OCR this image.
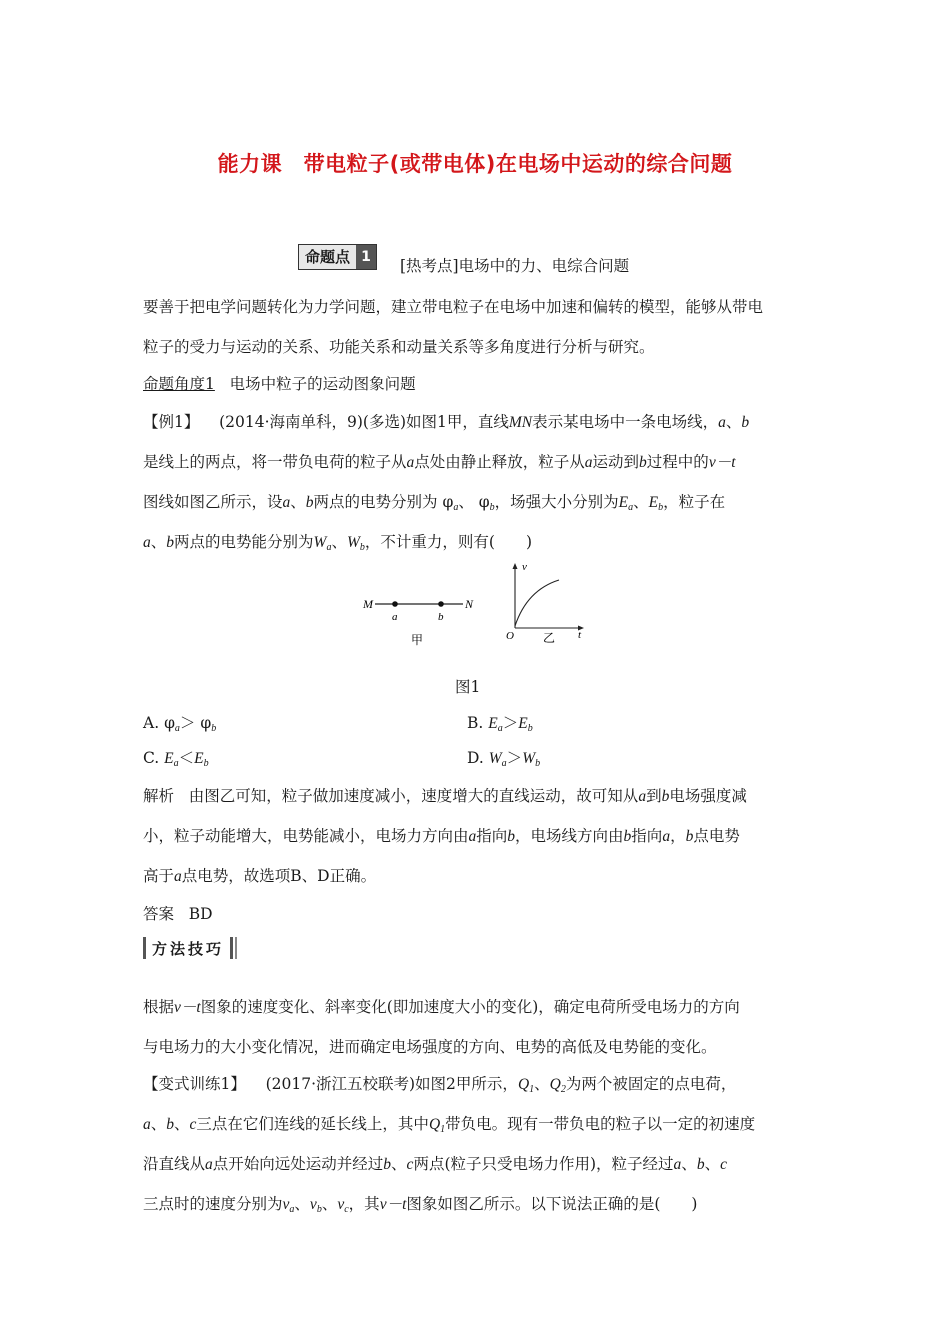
能力课　带电粒子(或带电体)在电场中运动的综合问题
命题点 1	[热考点]电场中的力、电综合问题
要善于把电学问题转化为力学问题，建立带电粒子在电场中加速和偏转的模型，能够从带电
粒子的受力与运动的关系、功能关系和动量关系等多角度进行分析与研究。
命题角度1 电场中粒子的运动图象问题
【例1】 (2014·海南单科，9)(多选)如图1甲，直线MN表示某电场中一条电场线，a、b
是线上的两点，将一带负电荷的粒子从a点处由静止释放，粒子从a运动到b过程中的v－t
图线如图乙所示，设a、b两点的电势分别为 $\varphi_a$、 $\varphi_b$，场强大小分别为$E_a$、$E_b$，粒子在
a、b两点的电势能分别为$W_a$、$W_b$，不计重力，则有(　　)
M	N
a	b
甲
v
t
O 乙
图1
A. $\varphi_a> \varphi_b$	B. $E_a>E_b$
C. $E_a<E_b$	D. $W_a>W_b$
解析 由图乙可知，粒子做加速度减小，速度增大的直线运动，故可知从a到b电场强度减
小，粒子动能增大，电势能减小，电场力方向由a指向b，电场线方向由b指向a，b点电势
高于a点电势，故选项B、D正确。
答案 BD
方法技巧
根据v－t图象的速度变化、斜率变化(即加速度大小的变化)，确定电荷所受电场力的方向
与电场力的大小变化情况，进而确定电场强度的方向、电势的高低及电势能的变化。
【变式训练1】 (2017·浙江五校联考)如图2甲所示，$Q_1$、$Q_2$为两个被固定的点电荷，
a、b、c三点在它们连线的延长线上，其中$Q_1$带负电。现有一带负电的粒子以一定的初速度
沿直线从a点开始向远处运动并经过b、c两点(粒子只受电场力作用)，粒子经过a、b、c
三点时的速度分别为$v_a$、$v_b$、$v_c$，其v－t图象如图乙所示。以下说法正确的是(　　)
